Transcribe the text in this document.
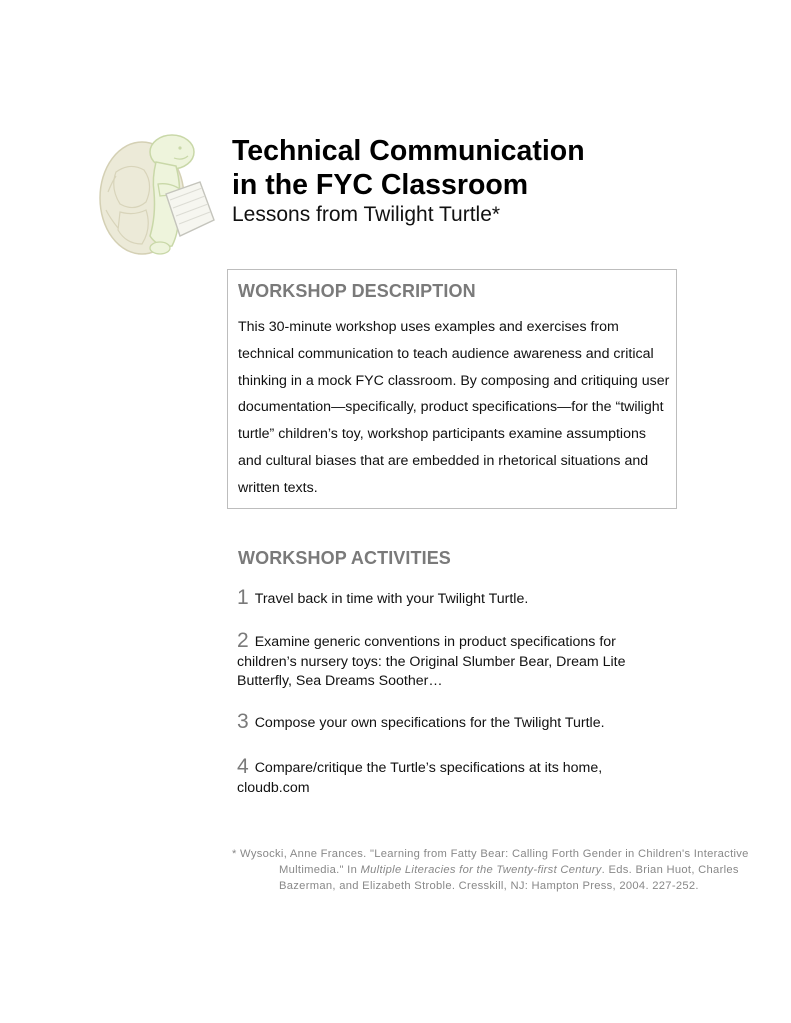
Technical Communication
in the FYC Classroom

Lessons from Twilight Turtle*

WORKSHOP DESCRIPTION

This 30-minute workshop uses examples and exercises from technical communication to teach audience awareness and critical thinking in a mock FYC classroom. By composing and critiquing user documentation—specifically, product specifications—for the “twilight turtle” children’s toy, workshop participants examine assumptions and cultural biases that are embedded in rhetorical situations and written texts.

WORKSHOP ACTIVITIES
1 Travel back in time with your Twilight Turtle.
2 Examine generic conventions in product specifications for children’s nursery toys: the Original Slumber Bear, Dream Lite Butterfly, Sea Dreams Soother…
3 Compose your own specifications for the Twilight Turtle.
4 Compare/critique the Turtle’s specifications at its home, cloudb.com

* Wysocki, Anne Frances. "Learning from Fatty Bear: Calling Forth Gender in Children's Interactive Multimedia." In Multiple Literacies for the Twenty-first Century. Eds. Brian Huot, Charles Bazerman, and Elizabeth Stroble. Cresskill, NJ: Hampton Press, 2004. 227-252.
